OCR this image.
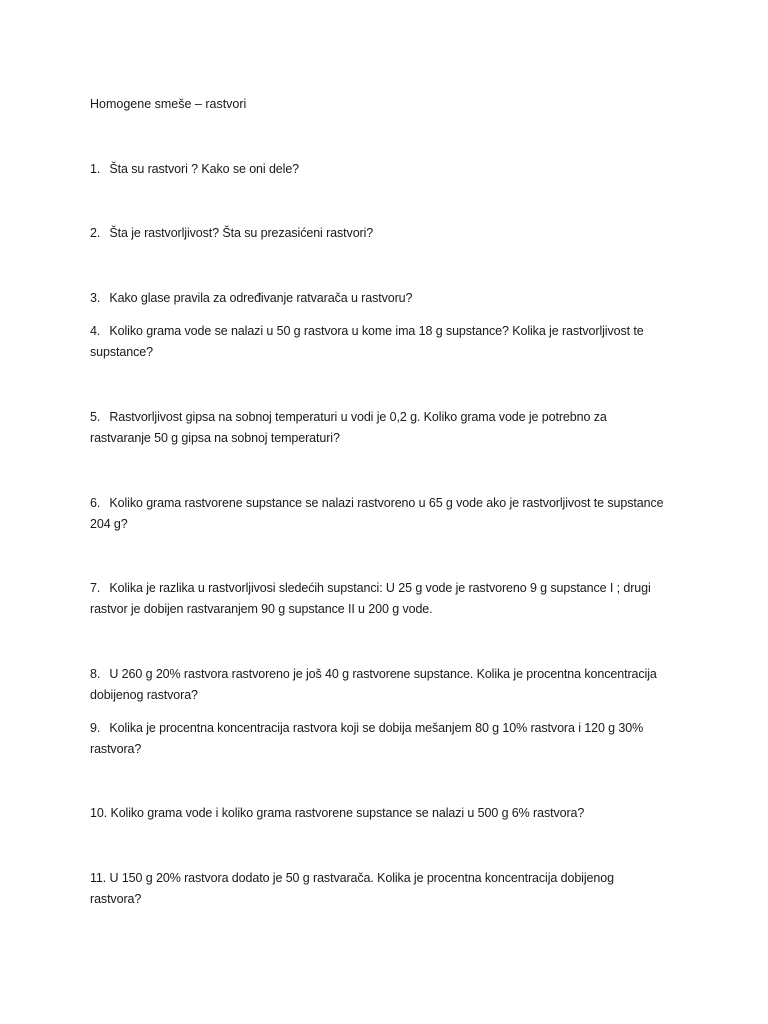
Homogene smeše – rastvori
1. Šta su rastvori ? Kako se oni dele?
2. Šta je rastvorljivost? Šta su prezasićeni rastvori?
3. Kako glase pravila za određivanje ratvarača u rastvoru?
4. Koliko grama vode se nalazi u 50 g rastvora u kome ima 18 g supstance? Kolika je rastvorljivost te
supstance?
5. Rastvorljivost gipsa na sobnoj temperaturi u vodi je 0,2 g. Koliko grama vode je potrebno za
rastvaranje 50 g gipsa na sobnoj temperaturi?
6. Koliko grama rastvorene supstance se nalazi rastvoreno u 65 g vode ako je rastvorljivost te supstance
204 g?
7. Kolika je razlika u rastvorljivosi sledećih supstanci: U 25 g vode je rastvoreno 9 g supstance I ; drugi
rastvor je dobijen rastvaranjem 90 g supstance II u 200 g vode.
8. U 260 g 20% rastvora rastvoreno je još 40 g rastvorene supstance. Kolika je procentna koncentracija
dobijenog rastvora?
9. Kolika je procentna koncentracija rastvora koji se dobija mešanjem 80 g 10% rastvora i 120 g 30%
rastvora?
10. Koliko grama vode i koliko grama rastvorene supstance se nalazi u 500 g 6% rastvora?
11. U 150 g 20% rastvora dodato je 50 g rastvarača. Kolika je procentna koncentracija dobijenog
rastvora?
